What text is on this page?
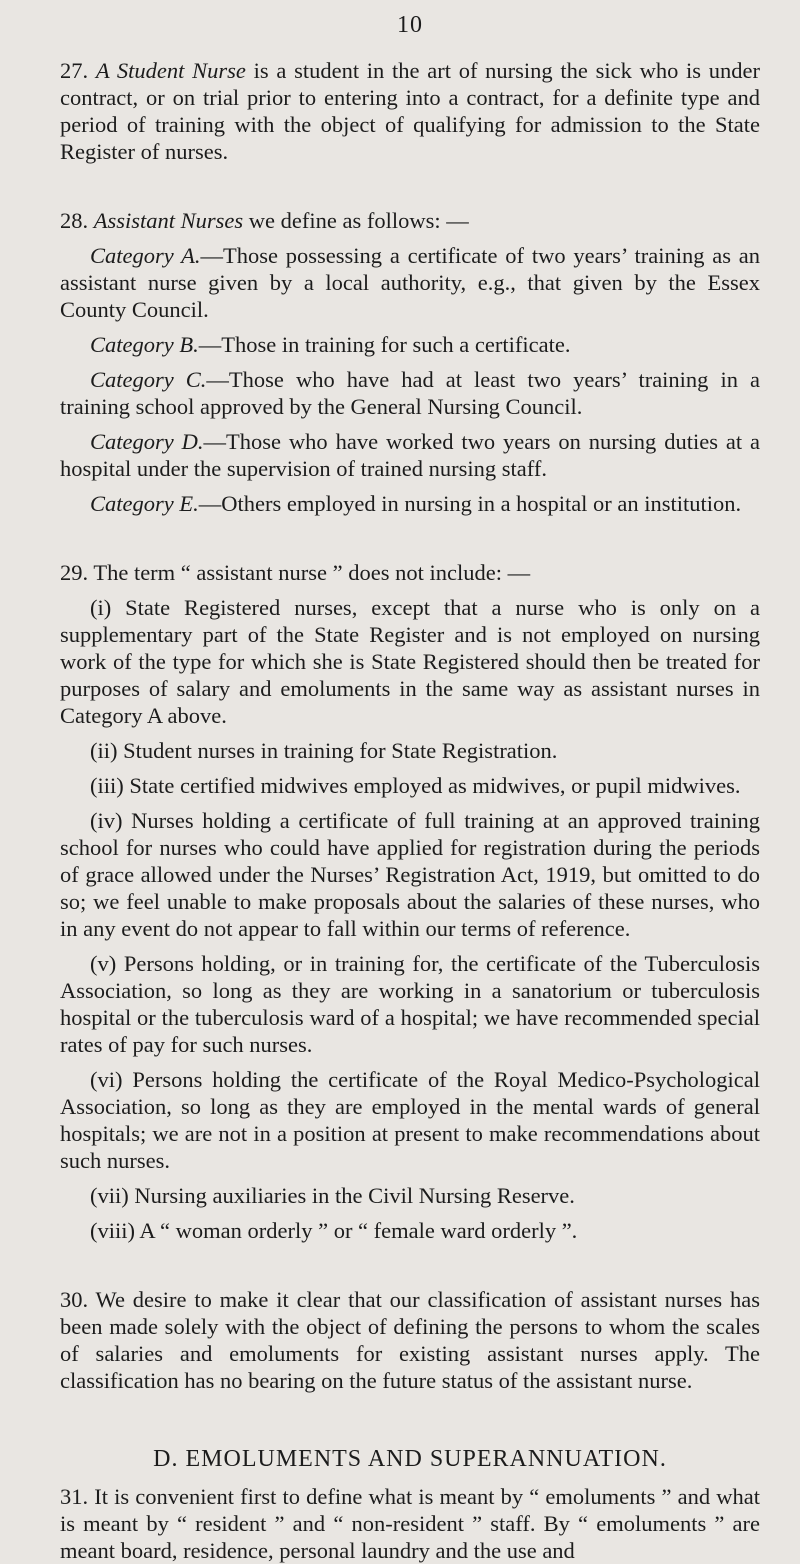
10

27. A Student Nurse is a student in the art of nursing the sick who is under contract, or on trial prior to entering into a contract, for a definite type and period of training with the object of qualifying for admission to the State Register of nurses.

28. Assistant Nurses we define as follows: —

Category A.—Those possessing a certificate of two years’ training as an assistant nurse given by a local authority, e.g., that given by the Essex County Council.

Category B.—Those in training for such a certificate.

Category C.—Those who have had at least two years’ training in a training school approved by the General Nursing Council.

Category D.—Those who have worked two years on nursing duties at a hospital under the supervision of trained nursing staff.

Category E.—Others employed in nursing in a hospital or an institution.

29. The term “ assistant nurse ” does not include: —

(i) State Registered nurses, except that a nurse who is only on a supplementary part of the State Register and is not employed on nursing work of the type for which she is State Registered should then be treated for purposes of salary and emoluments in the same way as assistant nurses in Category A above.

(ii) Student nurses in training for State Registration.

(iii) State certified midwives employed as midwives, or pupil midwives.

(iv) Nurses holding a certificate of full training at an approved training school for nurses who could have applied for registration during the periods of grace allowed under the Nurses’ Registration Act, 1919, but omitted to do so; we feel unable to make proposals about the salaries of these nurses, who in any event do not appear to fall within our terms of reference.

(v) Persons holding, or in training for, the certificate of the Tuberculosis Association, so long as they are working in a sanatorium or tuberculosis hospital or the tuberculosis ward of a hospital; we have recommended special rates of pay for such nurses.

(vi) Persons holding the certificate of the Royal Medico-Psychological Association, so long as they are employed in the mental wards of general hospitals; we are not in a position at present to make recommendations about such nurses.

(vii) Nursing auxiliaries in the Civil Nursing Reserve.

(viii) A “ woman orderly ” or “ female ward orderly ”.

30. We desire to make it clear that our classification of assistant nurses has been made solely with the object of defining the persons to whom the scales of salaries and emoluments for existing assistant nurses apply. The classification has no bearing on the future status of the assistant nurse.

D. EMOLUMENTS AND SUPERANNUATION.

31. It is convenient first to define what is meant by “ emoluments ” and what is meant by “ resident ” and “ non-resident ” staff. By “ emoluments ” are meant board, residence, personal laundry and the use and
